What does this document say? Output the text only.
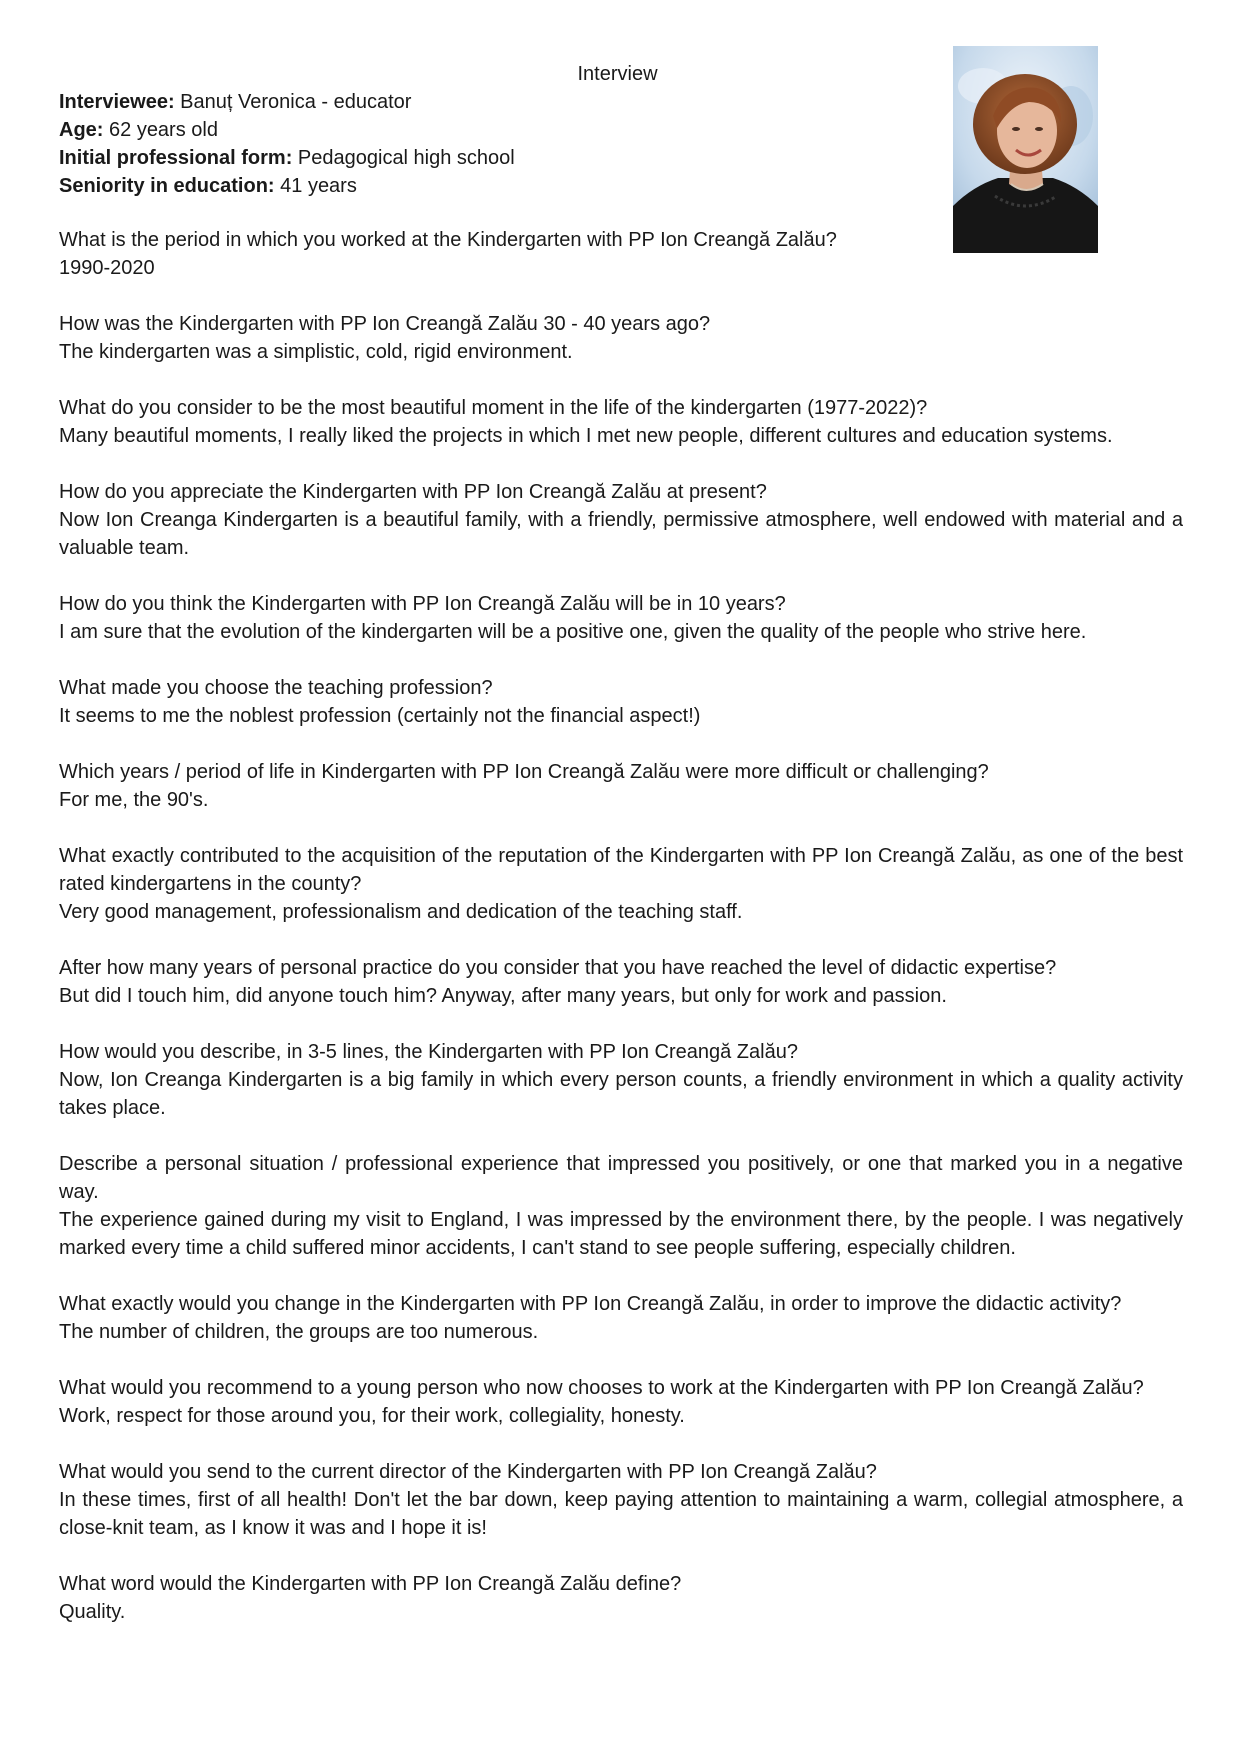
Interview
Interviewee: Banuț Veronica - educator
Age: 62 years old
Initial professional form: Pedagogical high school
Seniority in education: 41 years
What is the period in which you worked at the Kindergarten with PP Ion Creangă Zalău?
1990-2020
How was the Kindergarten with PP Ion Creangă Zalău 30 - 40 years ago?
The kindergarten was a simplistic, cold, rigid environment.
What do you consider to be the most beautiful moment in the life of the kindergarten (1977-2022)?
Many beautiful moments, I really liked the projects in which I met new people, different cultures and education systems.
How do you appreciate the Kindergarten with PP Ion Creangă Zalău at present?
Now Ion Creanga Kindergarten is a beautiful family, with a friendly, permissive atmosphere, well endowed with material and a valuable team.
How do you think the Kindergarten with PP Ion Creangă Zalău will be in 10 years?
I am sure that the evolution of the kindergarten will be a positive one, given the quality of the people who strive here.
What made you choose the teaching profession?
It seems to me the noblest profession (certainly not the financial aspect!)
Which years / period of life in Kindergarten with PP Ion Creangă Zalău were more difficult or challenging?
For me, the 90's.
What exactly contributed to the acquisition of the reputation of the Kindergarten with PP Ion Creangă Zalău, as one of the best rated kindergartens in the county?
Very good management, professionalism and dedication of the teaching staff.
After how many years of personal practice do you consider that you have reached the level of didactic expertise?
But did I touch him, did anyone touch him? Anyway, after many years, but only for work and passion.
How would you describe, in 3-5 lines, the Kindergarten with PP Ion Creangă Zalău?
Now, Ion Creanga Kindergarten is a big family in which every person counts, a friendly environment in which a quality activity takes place.
Describe a personal situation / professional experience that impressed you positively, or one that marked you in a negative way.
The experience gained during my visit to England, I was impressed by the environment there, by the people. I was negatively marked every time a child suffered minor accidents, I can't stand to see people suffering, especially children.
What exactly would you change in the Kindergarten with PP Ion Creangă Zalău, in order to improve the didactic activity?
The number of children, the groups are too numerous.
What would you recommend to a young person who now chooses to work at the Kindergarten with PP Ion Creangă Zalău?
Work, respect for those around you, for their work, collegiality, honesty.
What would you send to the current director of the Kindergarten with PP Ion Creangă Zalău?
In these times, first of all health! Don't let the bar down, keep paying attention to maintaining a warm, collegial atmosphere, a close-knit team, as I know it was and I hope it is!
What word would the Kindergarten with PP Ion Creangă Zalău define?
Quality.
